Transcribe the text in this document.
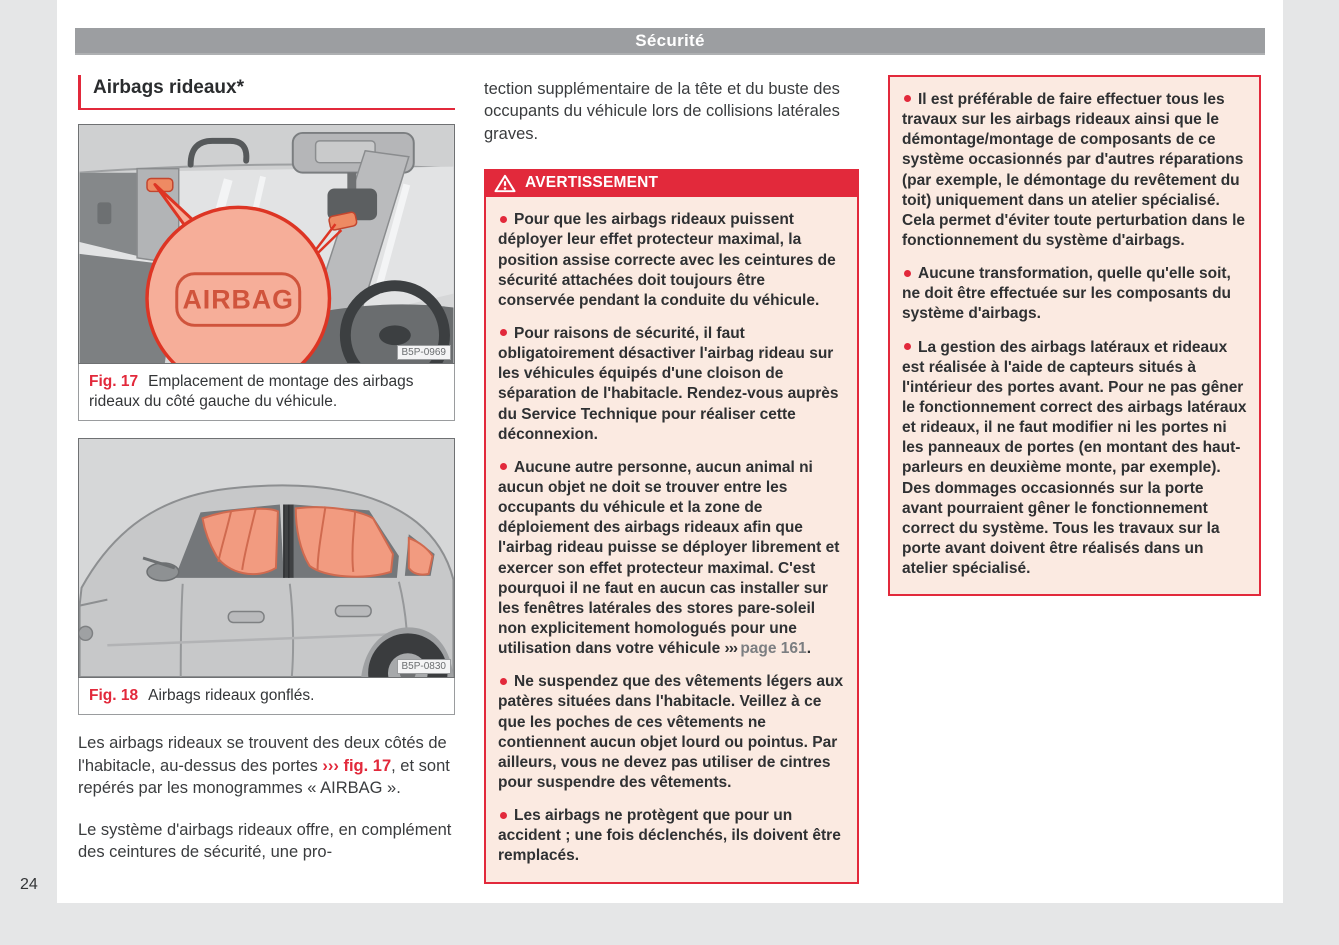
Sécurité
Airbags rideaux*
AIRBAG
B5P-0969
Fig. 17 Emplacement de montage des airbags rideaux du côté gauche du véhicule.
B5P-0830
Fig. 18 Airbags rideaux gonflés.

Les airbags rideaux se trouvent des deux côtés de l'habitacle, au-dessus des portes ››› fig. 17, et sont repérés par les monogrammes « AIRBAG ».

Le système d'airbags rideaux offre, en complément des ceintures de sécurité, une pro-

tection supplémentaire de la tête et du buste des occupants du véhicule lors de collisions latérales graves.

AVERTISSEMENT

Pour que les airbags rideaux puissent déployer leur effet protecteur maximal, la position assise correcte avec les ceintures de sécurité attachées doit toujours être conservée pendant la conduite du véhicule.

Pour raisons de sécurité, il faut obligatoirement désactiver l'airbag rideau sur les véhicules équipés d'une cloison de séparation de l'habitacle. Rendez-vous auprès du Service Technique pour réaliser cette déconnexion.

Aucune autre personne, aucun animal ni aucun objet ne doit se trouver entre les occupants du véhicule et la zone de déploiement des airbags rideaux afin que l'airbag rideau puisse se déployer librement et exercer son effet protecteur maximal. C'est pourquoi il ne faut en aucun cas installer sur les fenêtres latérales des stores pare-soleil non explicitement homologués pour une utilisation dans votre véhicule ››› page 161.

Ne suspendez que des vêtements légers aux patères situées dans l'habitacle. Veillez à ce que les poches de ces vêtements ne contiennent aucun objet lourd ou pointus. Par ailleurs, vous ne devez pas utiliser de cintres pour suspendre des vêtements.

Les airbags ne protègent que pour un accident ; une fois déclenchés, ils doivent être remplacés.

Il est préférable de faire effectuer tous les travaux sur les airbags rideaux ainsi que le démontage/montage de composants de ce système occasionnés par d'autres réparations (par exemple, le démontage du revêtement du toit) uniquement dans un atelier spécialisé. Cela permet d'éviter toute perturbation dans le fonctionnement du système d'airbags.

Aucune transformation, quelle qu'elle soit, ne doit être effectuée sur les composants du système d'airbags.

La gestion des airbags latéraux et rideaux est réalisée à l'aide de capteurs situés à l'intérieur des portes avant. Pour ne pas gêner le fonctionnement correct des airbags latéraux et rideaux, il ne faut modifier ni les portes ni les panneaux de portes (en montant des haut-parleurs en deuxième monte, par exemple). Des dommages occasionnés sur la porte avant pourraient gêner le fonctionnement correct du système. Tous les travaux sur la porte avant doivent être réalisés dans un atelier spécialisé.

24
